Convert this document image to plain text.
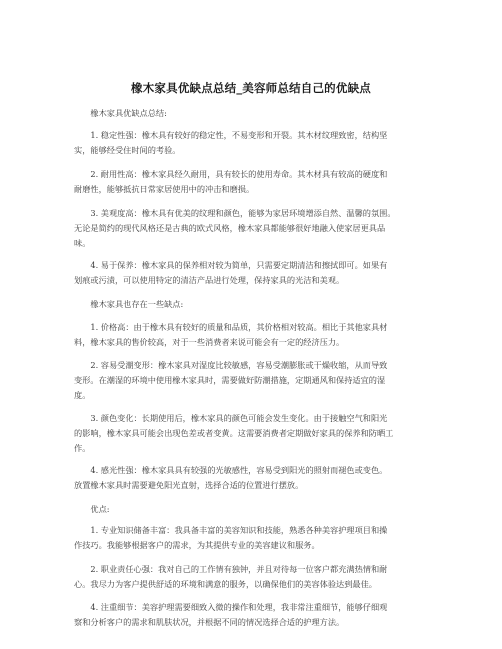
橡木家具优缺点总结_美容师总结自己的优缺点
　　橡木家具优缺点总结:
　　1. 稳定性强：橡木具有较好的稳定性，不易变形和开裂。其木材纹理致密，结构坚
实，能够经受住时间的考验。
　　2. 耐用性高：橡木家具经久耐用，具有较长的使用寿命。其木材具有较高的硬度和
耐磨性，能够抵抗日常家居使用中的冲击和磨损。
　　3. 美观度高：橡木具有优美的纹理和颜色，能够为家居环境增添自然、温馨的氛围。
无论是简约的现代风格还是古典的欧式风格，橡木家具都能够很好地融入使家居更具品
味。
　　4. 易于保养：橡木家具的保养相对较为简单，只需要定期清洁和擦拭即可。如果有
划痕或污渍，可以使用特定的清洁产品进行处理，保持家具的光洁和美观。
　　橡木家具也存在一些缺点:
　　1. 价格高：由于橡木具有较好的质量和品质，其价格相对较高。相比于其他家具材
料，橡木家具的售价较高，对于一些消费者来说可能会有一定的经济压力。
　　2. 容易受潮变形：橡木家具对湿度比较敏感，容易受潮膨胀或干燥收缩，从而导致
变形。在潮湿的环境中使用橡木家具时，需要做好防潮措施，定期通风和保持适宜的湿
度。
　　3. 颜色变化：长期使用后，橡木家具的颜色可能会发生变化。由于接触空气和阳光
的影响，橡木家具可能会出现色差或者变黄。这需要消费者定期做好家具的保养和防晒工
作。
　　4. 感光性强：橡木家具具有较强的光敏感性，容易受到阳光的照射而褪色或变色。
放置橡木家具时需要避免阳光直射，选择合适的位置进行摆放。
　　优点:
　　1. 专业知识储备丰富：我具备丰富的美容知识和技能，熟悉各种美容护理项目和操
作技巧。我能够根据客户的需求，为其提供专业的美容建议和服务。
　　2. 职业责任心强：我对自己的工作情有独钟，并且对待每一位客户都充满热情和耐
心。我尽力为客户提供舒适的环境和满意的服务，以确保他们的美容体验达到最佳。
　　4. 注重细节：美容护理需要细致入微的操作和处理，我非常注重细节，能够仔细观
察和分析客户的需求和肌肤状况，并根据不同的情况选择合适的护理方法。
